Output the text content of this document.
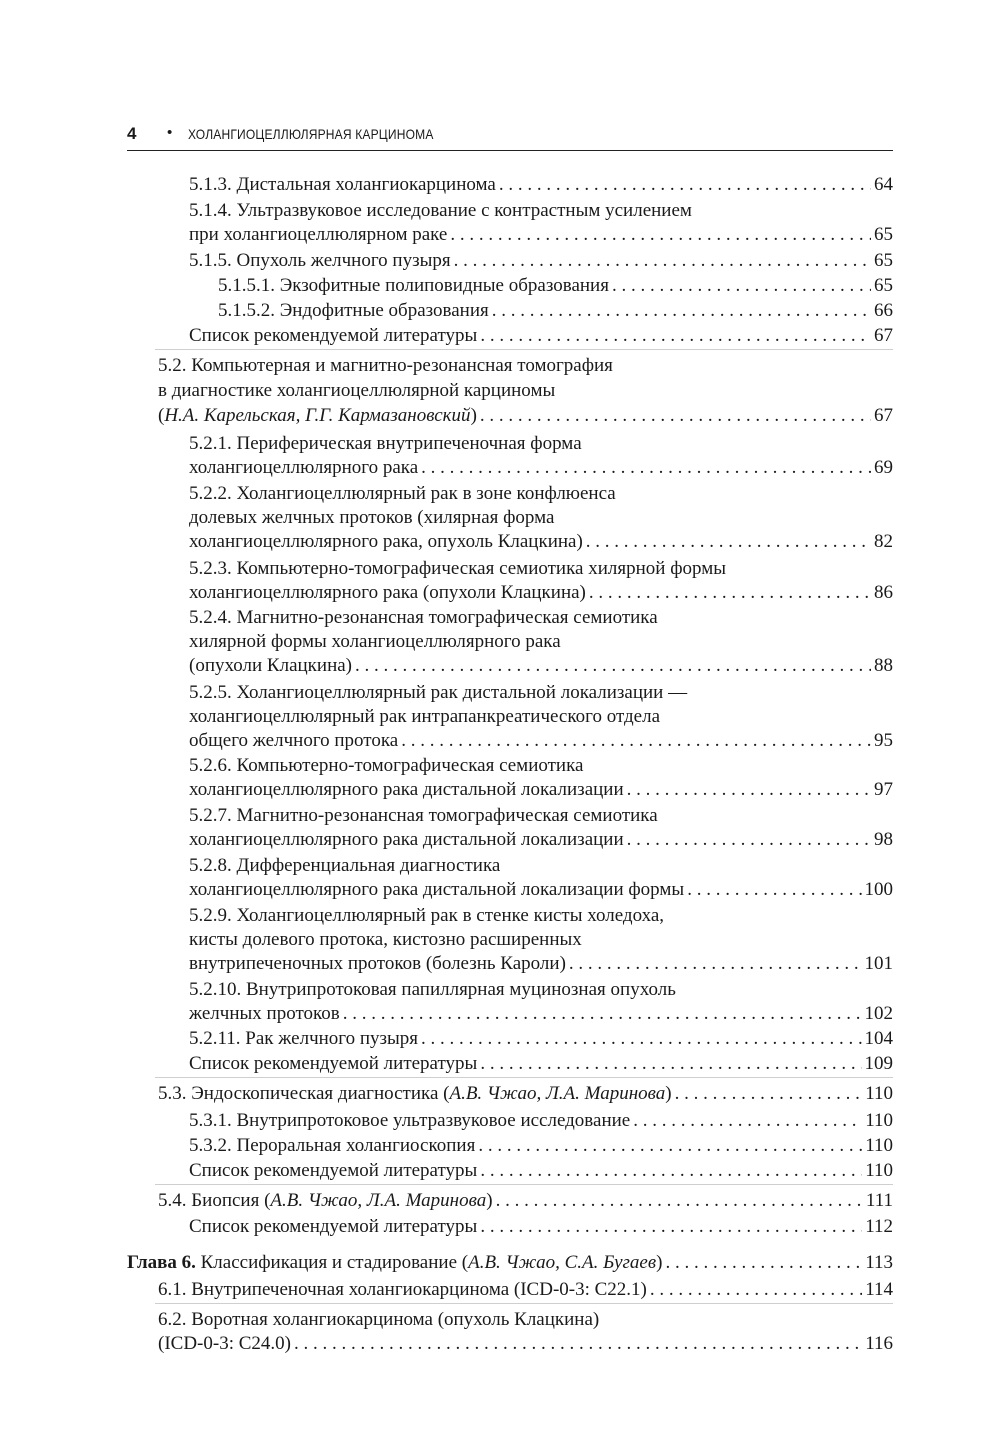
4 • ХОЛАНГИОЦЕЛЛЮЛЯРНАЯ КАРЦИНОМА
5.1.3. Дистальная холангиокарцинома . . .	64
5.1.4. Ультразвуковое исследование с контрастным усилением
при холангиоцеллюлярном раке . . .	65
5.1.5. Опухоль желчного пузыря . . .	65
5.1.5.1. Экзофитные полиповидные образования . . .	65
5.1.5.2. Эндофитные образования . . .	66
Список рекомендуемой литературы . . .	67
5.2. Компьютерная и магнитно-резонансная томография
в диагностике холангиоцеллюлярной карциномы
(Н.А. Карельская, Г.Г. Кармазановский) . . .	67
5.2.1. Периферическая внутрипеченочная форма
холангиоцеллюлярного рака . . .	69
5.2.2. Холангиоцеллюлярный рак в зоне конфлюенса
долевых желчных протоков (хилярная форма
холангиоцеллюлярного рака, опухоль Клацкина) . . .	82
5.2.3. Компьютерно-томографическая семиотика хилярной формы
холангиоцеллюлярного рака (опухоли Клацкина) . . .	86
5.2.4. Магнитно-резонансная томографическая семиотика
хилярной формы холангиоцеллюлярного рака
(опухоли Клацкина) . . .	88
5.2.5. Холангиоцеллюлярный рак дистальной локализации —
холангиоцеллюлярный рак интрапанкреатического отдела
общего желчного протока . . .	95
5.2.6. Компьютерно-томографическая семиотика
холангиоцеллюлярного рака дистальной локализации . . .	97
5.2.7. Магнитно-резонансная томографическая семиотика
холангиоцеллюлярного рака дистальной локализации . . .	98
5.2.8. Дифференциальная диагностика
холангиоцеллюлярного рака дистальной локализации формы . . .	100
5.2.9. Холангиоцеллюлярный рак в стенке кисты холедоха,
кисты долевого протока, кистозно расширенных
внутрипеченочных протоков (болезнь Кароли) . . .	101
5.2.10. Внутрипротоковая папиллярная муцинозная опухоль
желчных протоков . . .	102
5.2.11. Рак желчного пузыря . . .	104
Список рекомендуемой литературы . . .	109
5.3. Эндоскопическая диагностика (А.В. Чжао, Л.А. Маринова) . . .	110
5.3.1. Внутрипротоковое ультразвуковое исследование . . .	110
5.3.2. Пероральная холангиоскопия . . .	110
Список рекомендуемой литературы . . .	110
5.4. Биопсия (А.В. Чжао, Л.А. Маринова) . . .	111
Список рекомендуемой литературы . . .	112
Глава 6. Классификация и стадирование (А.В. Чжао, С.А. Бугаев) . . .	113
6.1. Внутрипеченочная холангиокарцинома (ICD-0-3: C22.1) . . .	114
6.2. Воротная холангиокарцинома (опухоль Клацкина)
(ICD-0-3: C24.0) . . .	116
